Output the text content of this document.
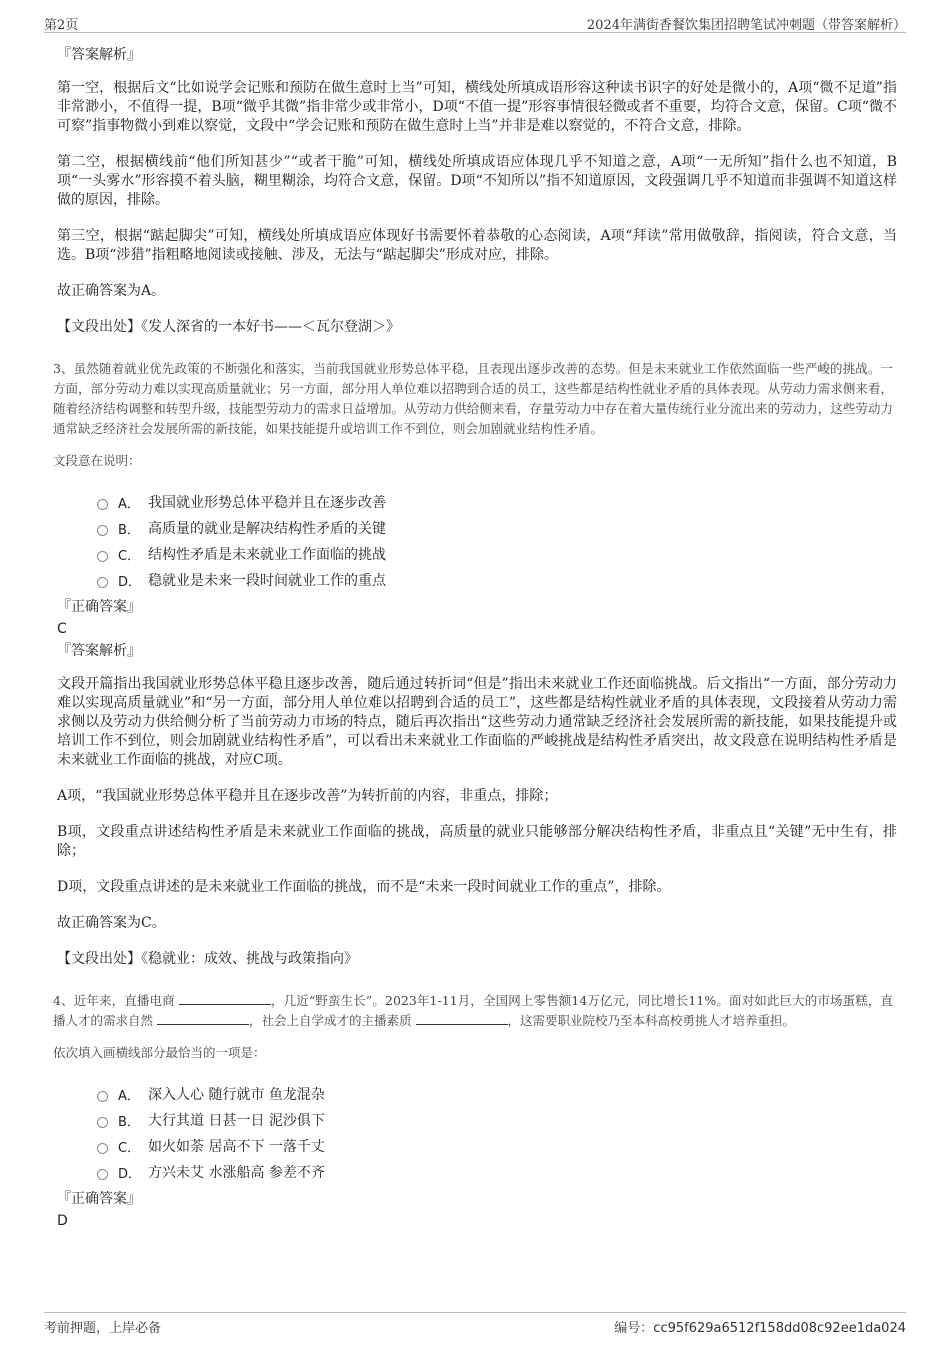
第2页	2024年满街香餐饮集团招聘笔试冲刺题（带答案解析）
『答案解析』

第一空，根据后文“比如说学会记账和预防在做生意时上当”可知，横线处所填成语形容这种读书识字的好处是微小的，A项“微不足道”指非常渺小，不值得一提，B项“微乎其微”指非常少或非常小，D项“不值一提”形容事情很轻微或者不重要，均符合文意，保留。C项“微不可察”指事物微小到难以察觉，文段中“学会记账和预防在做生意时上当”并非是难以察觉的，不符合文意，排除。

第二空，根据横线前“他们所知甚少”“或者干脆”可知，横线处所填成语应体现几乎不知道之意，A项“一无所知”指什么也不知道，B项“一头雾水”形容摸不着头脑，糊里糊涂，均符合文意，保留。D项“不知所以”指不知道原因，文段强调几乎不知道而非强调不知道这样做的原因，排除。

第三空，根据“踮起脚尖”可知，横线处所填成语应体现好书需要怀着恭敬的心态阅读，A项“拜读”常用做敬辞，指阅读，符合文意，当选。B项“涉猎”指粗略地阅读或接触、涉及，无法与“踮起脚尖”形成对应，排除。

故正确答案为A。

【文段出处】《发人深省的一本好书——＜瓦尔登湖＞》

3、虽然随着就业优先政策的不断强化和落实，当前我国就业形势总体平稳，且表现出逐步改善的态势。但是未来就业工作依然面临一些严峻的挑战。一方面，部分劳动力难以实现高质量就业；另一方面，部分用人单位难以招聘到合适的员工，这些都是结构性就业矛盾的具体表现。从劳动力需求侧来看，随着经济结构调整和转型升级，技能型劳动力的需求日益增加。从劳动力供给侧来看，存量劳动力中存在着大量传统行业分流出来的劳动力，这些劳动力通常缺乏经济社会发展所需的新技能，如果技能提升或培训工作不到位，则会加剧就业结构性矛盾。
文段意在说明：
A． 我国就业形势总体平稳并且在逐步改善
B． 高质量的就业是解决结构性矛盾的关键
C． 结构性矛盾是未来就业工作面临的挑战
D． 稳就业是未来一段时间就业工作的重点
『正确答案』
C
『答案解析』

文段开篇指出我国就业形势总体平稳且逐步改善，随后通过转折词“但是”指出未来就业工作还面临挑战。后文指出“一方面，部分劳动力难以实现高质量就业”和“另一方面，部分用人单位难以招聘到合适的员工”，这些都是结构性就业矛盾的具体表现，文段接着从劳动力需求侧以及劳动力供给侧分析了当前劳动力市场的特点，随后再次指出“这些劳动力通常缺乏经济社会发展所需的新技能，如果技能提升或培训工作不到位，则会加剧就业结构性矛盾”，可以看出未来就业工作面临的严峻挑战是结构性矛盾突出，故文段意在说明结构性矛盾是未来就业工作面临的挑战，对应C项。

A项，“我国就业形势总体平稳并且在逐步改善”为转折前的内容，非重点，排除；

B项，文段重点讲述结构性矛盾是未来就业工作面临的挑战，高质量的就业只能够部分解决结构性矛盾，非重点且“关键”无中生有，排除；

D项，文段重点讲述的是未来就业工作面临的挑战，而不是“未来一段时间就业工作的重点”，排除。

故正确答案为C。

【文段出处】《稳就业：成效、挑战与政策指向》

4、近年来，直播电商	，几近“野蛮生长”。2023年1-11月，全国网上零售额14万亿元，同比增长11%。面对如此巨大的市场蛋糕，直播人才的需求自然	，社会上自学成才的主播素质	，这需要职业院校乃至本科高校勇挑人才培养重担。
依次填入画横线部分最恰当的一项是：
A． 深入人心 随行就市 鱼龙混杂
B． 大行其道 日甚一日 泥沙俱下
C． 如火如荼 居高不下 一落千丈
D． 方兴未艾 水涨船高 参差不齐
『正确答案』
D
考前押题，上岸必备	编号：cc95f629a6512f158dd08c92ee1da024
